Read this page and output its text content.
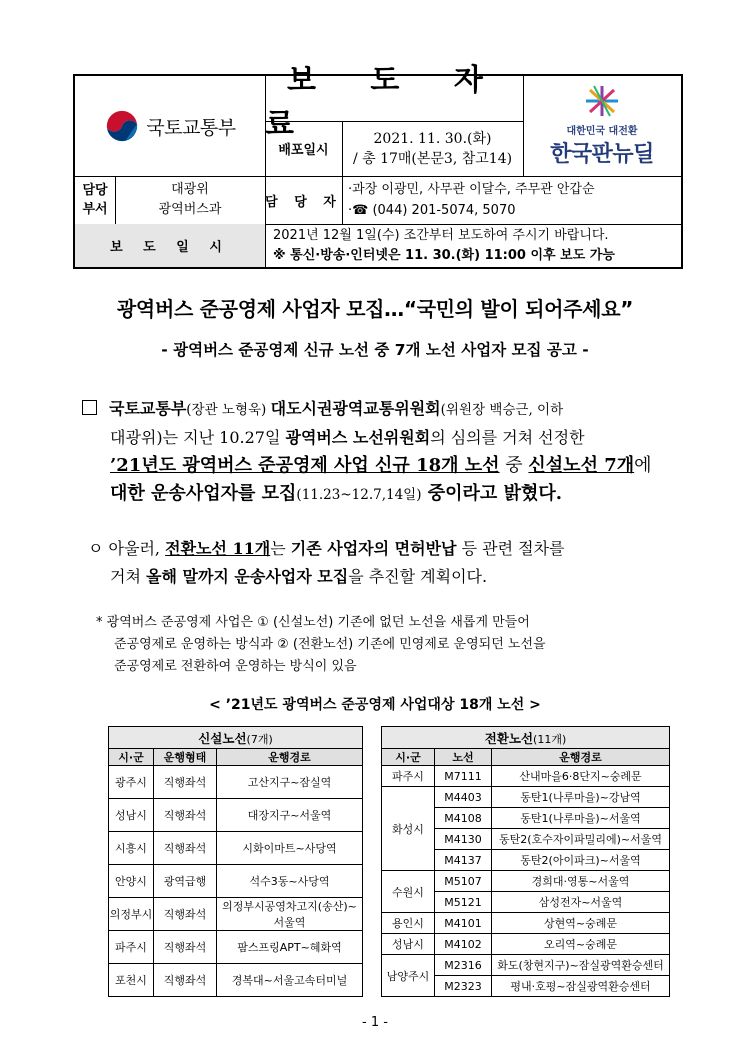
국토교통부
보 도 자 료
배포일시
2021. 11. 30.(화)
/ 총 17매(본문3, 참고14)
대한민국 대전환
한국판뉴딜
담당
부서
대광위
광역버스과	담 당 자
·과장 이광민, 사무관 이달수, 주무관 안갑순
·☎ (044) 201-5074, 5070
보 도 일 시
2021년 12월 1일(수) 조간부터 보도하여 주시기 바랍니다.
※ 통신·방송·인터넷은 11. 30.(화) 11:00 이후 보도 가능
광역버스 준공영제 사업자 모집…“국민의 발이 되어주세요”
- 광역버스 준공영제 신규 노선 중 7개 노선 사업자 모집 공고 -
국토교통부(장관 노형욱) 대도시권광역교통위원회(위원장 백승근, 이하
대광위)는 지난 10.27일 광역버스 노선위원회의 심의를 거쳐 선정한
’21년도 광역버스 준공영제 사업 신규 18개 노선 중 신설노선 7개에
대한 운송사업자를 모집(11.23~12.7,14일) 중이라고 밝혔다.
ㅇ 아울러, 전환노선 11개는 기존 사업자의 면허반납 등 관련 절차를
거쳐 올해 말까지 운송사업자 모집을 추진할 계획이다.
* 광역버스 준공영제 사업은 ① (신설노선) 기존에 없던 노선을 새롭게 만들어
준공영제로 운영하는 방식과 ② (전환노선) 기존에 민영제로 운영되던 노선을
준공영제로 전환하여 운영하는 방식이 있음
< ’21년도 광역버스 준공영제 사업대상 18개 노선 >
신설노선(7개)		
시·군	운행형태	운행경로
광주시	직행좌석	고산지구~잠실역
성남시	직행좌석	대장지구~서울역
시흥시	직행좌석	시화이마트~사당역
안양시	광역급행	석수3동~사당역
의정부시	직행좌석	의정부시공영차고지(송산)~서울역
파주시	직행좌석	팜스프링APT~혜화역
포천시	직행좌석	경복대~서울고속터미널
전환노선(11개)		
시·군	노선	운행경로
파주시	M7111	산내마을6·8단지~숭례문
화성시	M4403	동탄1(나루마을)~강남역
	M4108	동탄1(나루마을)~서울역
	M4130	동탄2(호수자이파밀리에)~서울역
	M4137	동탄2(아이파크)~서울역
수원시	M5107	경희대·영통~서울역
	M5121	삼성전자~서울역
용인시	M4101	상현역~숭례문
성남시	M4102	오리역~숭례문
남양주시	M2316	화도(창현지구)~잠실광역환승센터
	M2323	평내·호평~잠실광역환승센터
- 1 -
